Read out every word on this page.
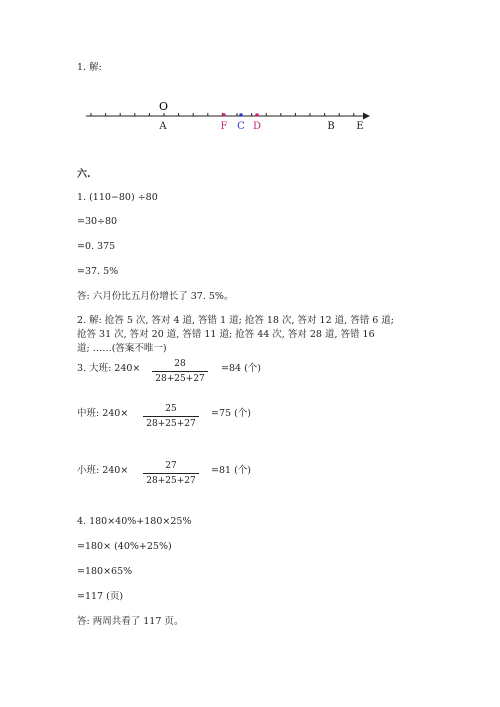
1. 解:
O
A	F C D	B E
六.
1. (110−80) ÷80
=30÷80
=0. 375
=37. 5%
答: 六月份比五月份增长了 37. 5%。
2. 解: 抢答 5 次, 答对 4 道, 答错 1 道; 抢答 18 次, 答对 12 道, 答错 6 道;
抢答 31 次, 答对 20 道, 答错 11 道; 抢答 44 次, 答对 28 道, 答错 16
道; ……(答案不唯一)
3. 大班: 240×	28
28+25+27
=84 (个)
中班: 240×	25
28+25+27
=75 (个)
小班: 240×	27
28+25+27
=81 (个)
4. 180×40%+180×25%
=180× (40%+25%)
=180×65%
=117 (页)
答: 两周共看了 117 页。
